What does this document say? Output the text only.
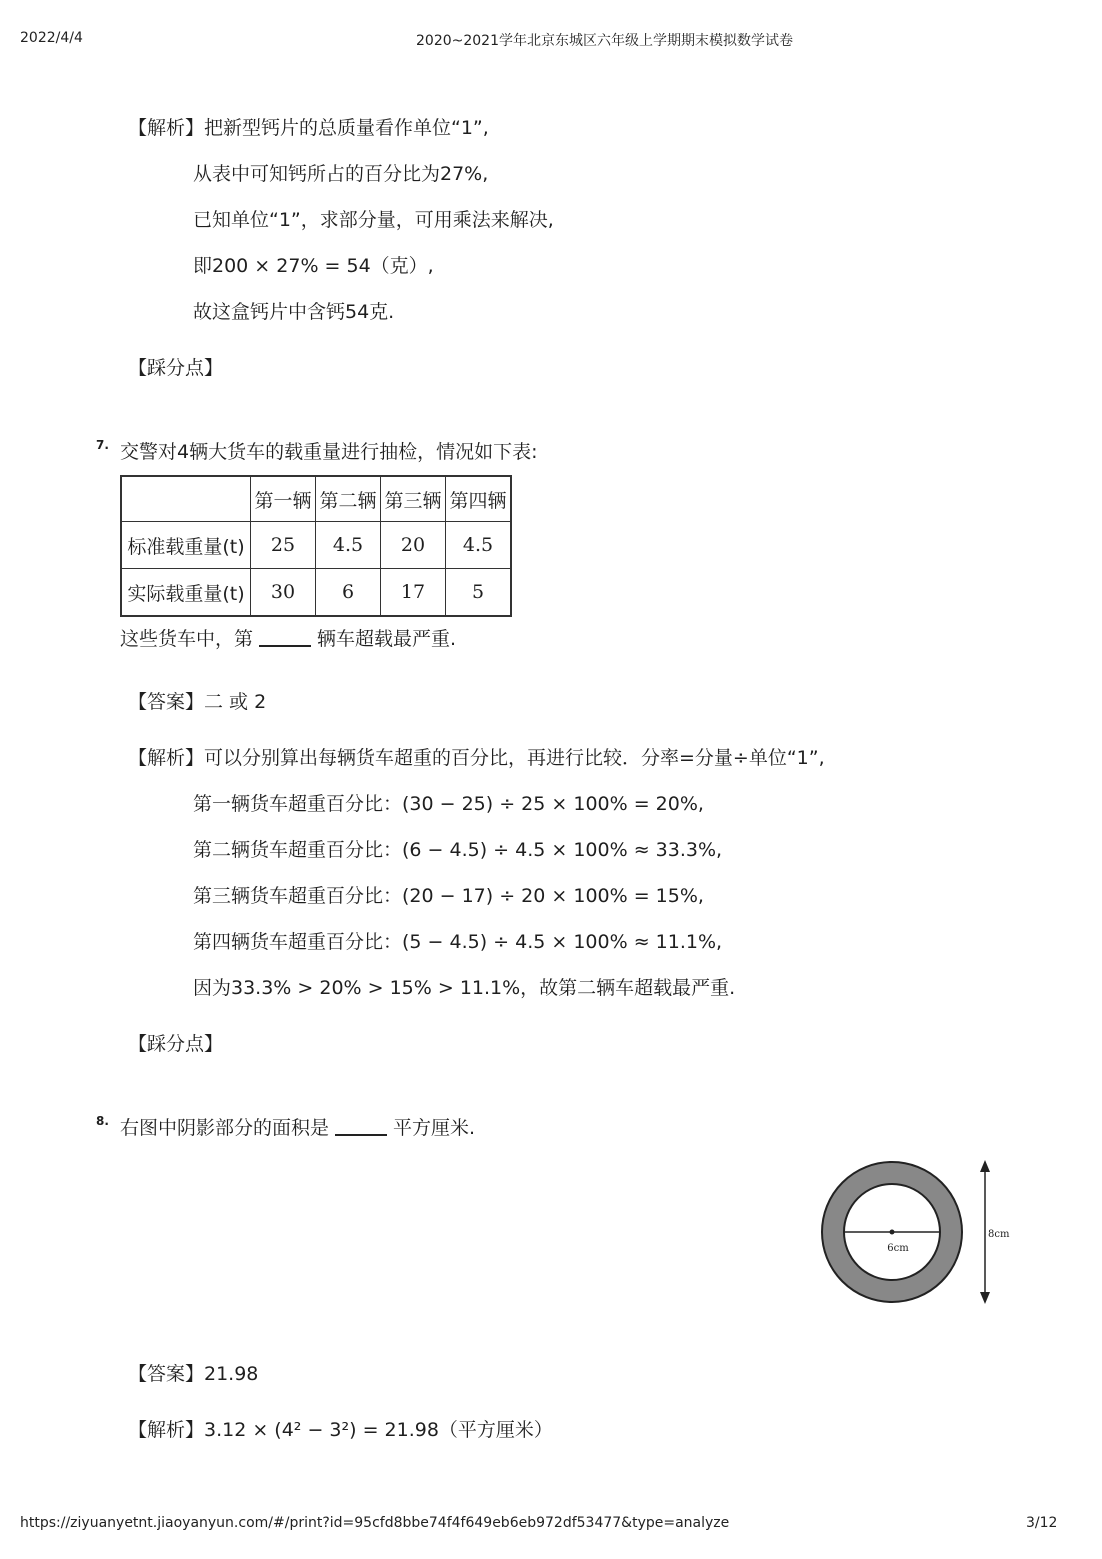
2022/4/4	2020~2021学年北京东城区六年级上学期期末模拟数学试卷
【解析】把新型钙片的总质量看作单位“1”,
从表中可知钙所占的百分比为27%,
已知单位“1”，求部分量，可用乘法来解决,
即200 × 27% = 54（克）,
故这盒钙片中含钙54克.
【踩分点】
7. 交警对4辆大货车的载重量进行抽检，情况如下表:
	第一辆	第二辆	第三辆	第四辆
标准载重量(t)	25	4.5	20	4.5
实际载重量(t)	30	6	17	5
这些货车中，第	辆车超载最严重.
【答案】二 或 2
【解析】可以分别算出每辆货车超重的百分比，再进行比较．分率=分量÷单位“1”,
第一辆货车超重百分比：(30 − 25) ÷ 25 × 100% = 20%,
第二辆货车超重百分比：(6 − 4.5) ÷ 4.5 × 100% ≈ 33.3%,
第三辆货车超重百分比：(20 − 17) ÷ 20 × 100% = 15%,
第四辆货车超重百分比：(5 − 4.5) ÷ 4.5 × 100% ≈ 11.1%,
因为33.3% > 20% > 15% > 11.1%，故第二辆车超载最严重.
【踩分点】
8. 右图中阴影部分的面积是	平方厘米.
6cm
8cm
【答案】21.98
【解析】3.12 × (4² − 3²) = 21.98（平方厘米）
https://ziyuanyetnt.jiaoyanyun.com/#/print?id=95cfd8bbe74f4f649eb6eb972df53477&type=analyze	3/12
